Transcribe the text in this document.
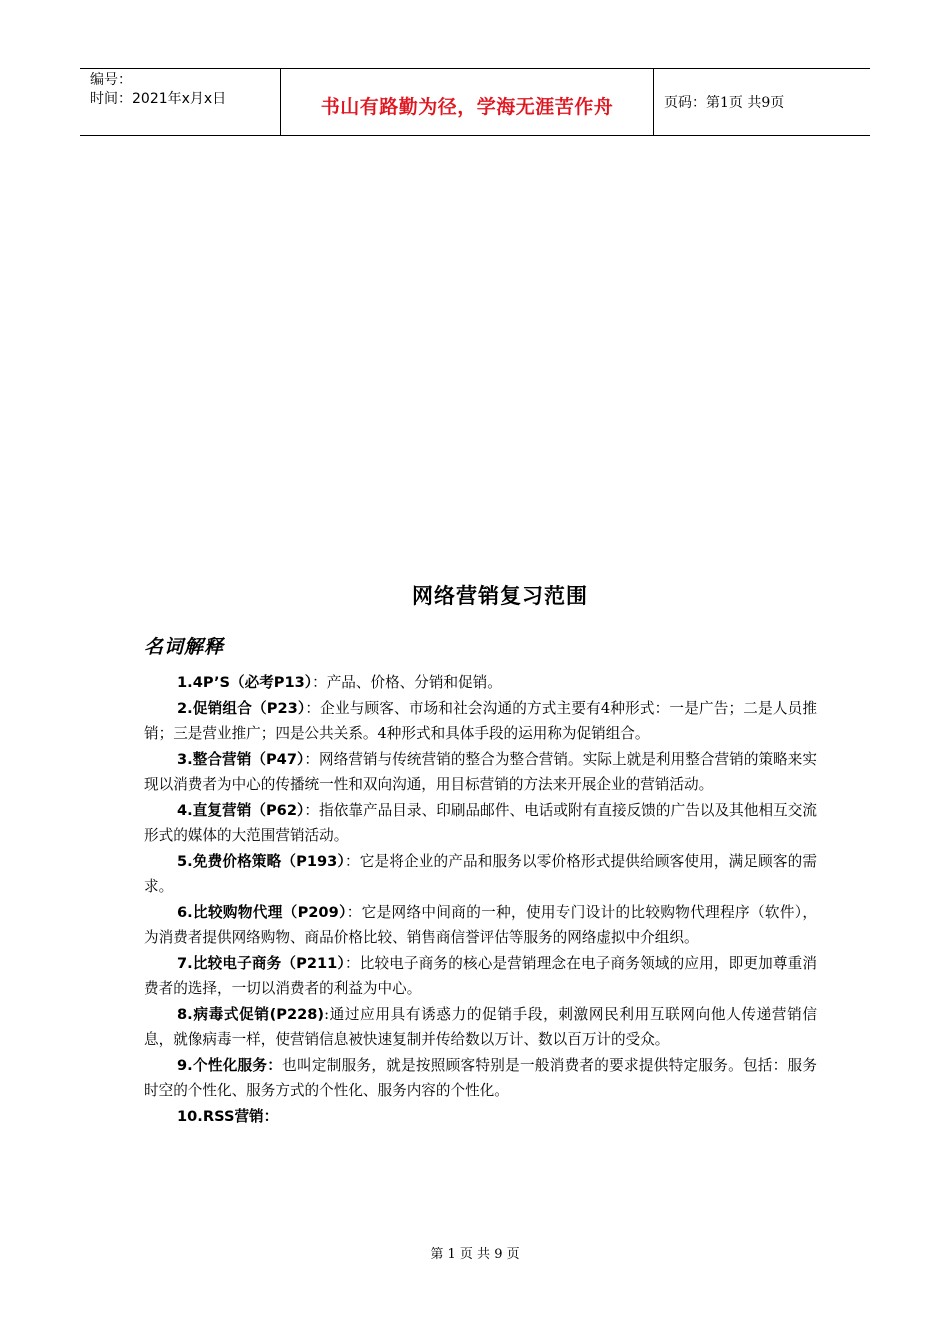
编号：
时间：2021年x月x日	书山有路勤为径，学海无涯苦作舟	页码：第1页 共9页
网络营销复习范围
名词解释

1.4P’S（必考P13）：产品、价格、分销和促销。

2.促销组合（P23）：企业与顾客、市场和社会沟通的方式主要有4种形式：一是广告；二是人员推销；三是营业推广；四是公共关系。4种形式和具体手段的运用称为促销组合。

3.整合营销（P47）：网络营销与传统营销的整合为整合营销。实际上就是利用整合营销的策略来实现以消费者为中心的传播统一性和双向沟通，用目标营销的方法来开展企业的营销活动。

4.直复营销（P62）：指依靠产品目录、印刷品邮件、电话或附有直接反馈的广告以及其他相互交流形式的媒体的大范围营销活动。

5.免费价格策略（P193）：它是将企业的产品和服务以零价格形式提供给顾客使用，满足顾客的需求。

6.比较购物代理（P209）：它是网络中间商的一种，使用专门设计的比较购物代理程序（软件），为消费者提供网络购物、商品价格比较、销售商信誉评估等服务的网络虚拟中介组织。

7.比较电子商务（P211）：比较电子商务的核心是营销理念在电子商务领域的应用，即更加尊重消费者的选择，一切以消费者的利益为中心。

8.病毒式促销(P228):通过应用具有诱惑力的促销手段，刺激网民利用互联网向他人传递营销信息，就像病毒一样，使营销信息被快速复制并传给数以万计、数以百万计的受众。

9.个性化服务：也叫定制服务，就是按照顾客特别是一般消费者的要求提供特定服务。包括：服务时空的个性化、服务方式的个性化、服务内容的个性化。

10.RSS营销：

第 1 页 共 9 页
